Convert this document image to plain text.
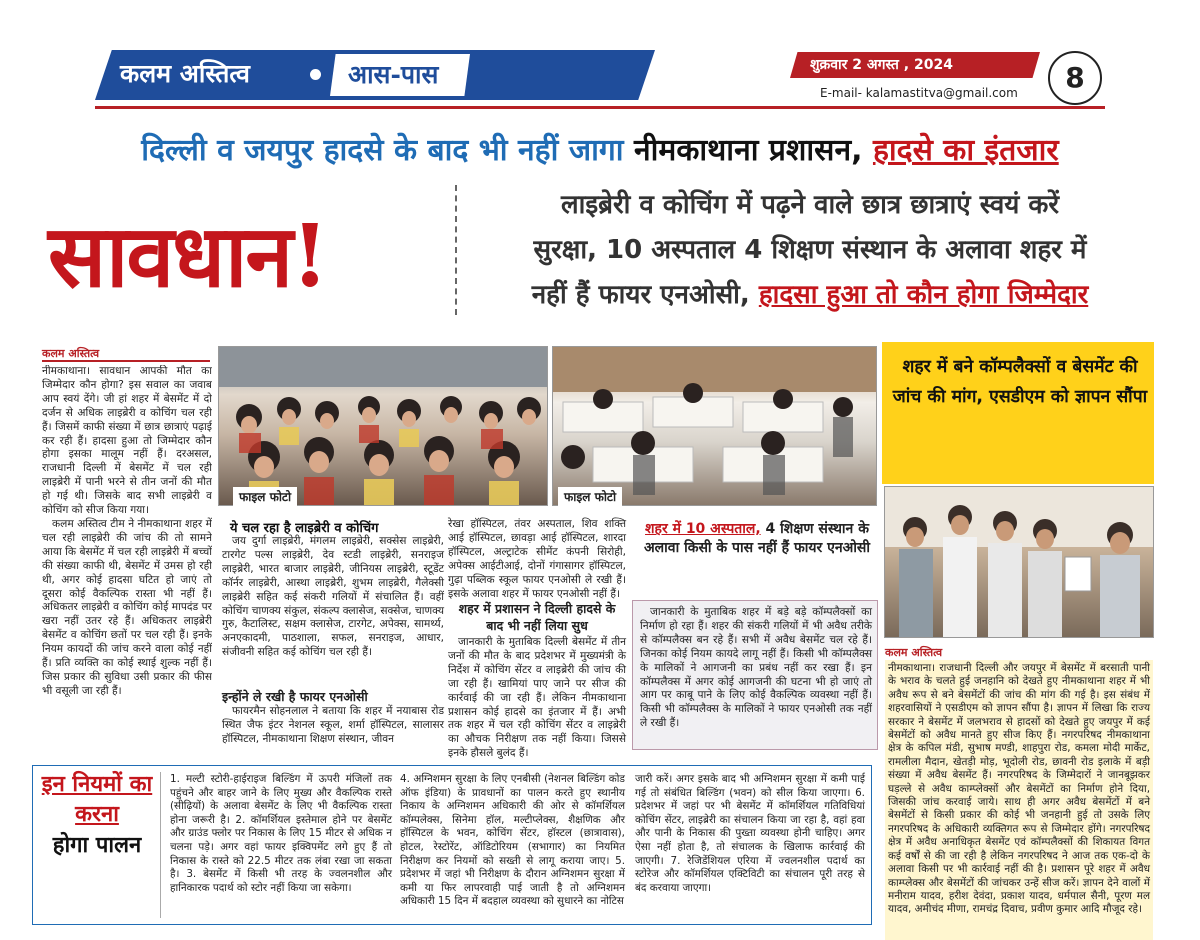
कलम अस्तित्व	आस-पास	शुक्रवार 2 अगस्त , 2024
E-mail- kalamastitva@gmail.com	8
दिल्ली व जयपुर हादसे के बाद भी नहीं जागा नीमकाथाना प्रशासन, हादसे का इंतजार
सावधान!
लाइब्रेरी व कोचिंग में पढ़ने वाले छात्र छात्राएं स्वयं करें
सुरक्षा, 10 अस्पताल 4 शिक्षण संस्थान के अलावा शहर में
नहीं हैं फायर एनओसी, हादसा हुआ तो कौन होगा जिम्मेदार
कलम अस्तित्व

नीमकाथाना। सावधान आपकी मौत का जिम्मेदार कौन होगा? इस सवाल का जवाब आप स्वयं देंगे। जी हां शहर में बेसमेंट में दो दर्जन से अधिक लाइब्रेरी व कोचिंग चल रही हैं। जिसमें काफी संख्या में छात्र छात्राएं पढ़ाई कर रही हैं। हादसा हुआ तो जिम्मेदार कौन होगा इसका मालूम नहीं हैं। दरअसल, राजधानी दिल्ली में बेसमेंट में चल रही लाइब्रेरी में पानी भरने से तीन जनों की मौत हो गई थी। जिसके बाद सभी लाइब्रेरी व कोचिंग को सीज किया गया।

कलम अस्तित्व टीम ने नीमकाथाना शहर में चल रही लाइब्रेरी की जांच की तो सामने आया कि बेसमेंट में चल रही लाइब्रेरी में बच्चों की संख्या काफी थी, बेसमेंट में उमस हो रही थी, अगर कोई हादसा घटित हो जाएं तो दूसरा कोई वैकल्पिक रास्ता भी नहीं हैं। अधिकतर लाइब्रेरी व कोचिंग कोई मापदंड पर खरा नहीं उतर रहे हैं। अधिकतर लाइब्रेरी बेसमेंट व कोचिंग छतों पर चल रही हैं। इनके नियम कायदों की जांच करने वाला कोई नहीं हैं। प्रति व्यक्ति का कोई स्थाई शुल्क नहीं हैं। जिस प्रकार की सुविधा उसी प्रकार की फीस भी वसूली जा रही हैं।

फाइल फोटो	फाइल फोटो
ये चल रहा है लाइब्रेरी व कोचिंग
जय दुर्गा लाइब्रेरी, मंगलम लाइब्रेरी, सक्सेस लाइब्रेरी, टारगेट पल्स लाइब्रेरी, देव स्टडी लाइब्रेरी, सनराइज लाइब्रेरी, भारत बाजार लाइब्रेरी, जीनियस लाइब्रेरी, स्टूडेंट कॉर्नर लाइब्रेरी, आस्था लाइब्रेरी, शुभम लाइब्रेरी, गैलेक्सी लाइब्रेरी सहित कई संकरी गलियों में संचालित हैं। वहीं कोचिंग चाणक्य संकुल, संकल्प क्लासेज, सक्सेज, चाणक्य गुरु, कैटालिस्ट, सक्षम क्लासेज, टारगेट, अपेक्स, सामर्थ्य, अनएकादमी, पाठशाला, सफल, सनराइज, आधार, संजीवनी सहित कई कोचिंग चल रही हैं।
इन्होंने ले रखी है फायर एनओसी
फायरमैन सोहनलाल ने बताया कि शहर में नयाबास रोड स्थित जैफ इंटर नेशनल स्कूल, शर्मा हॉस्पिटल, सालासर हॉस्पिटल, नीमकाथाना शिक्षण संस्थान, जीवन
रेखा हॉस्पिटल, तंवर अस्पताल, शिव शक्ति आई हॉस्पिटल, छावड़ा आई हॉस्पिटल, शारदा हॉस्पिटल, अल्ट्राटेक सीमेंट कंपनी सिरोही, अपेक्स आईटीआई, दोनों गंगासागर हॉस्पिटल, गुढ़ा पब्लिक स्कूल फायर एनओसी ले रखी हैं। इसके अलावा शहर में फायर एनओसी नहीं हैं।
शहर में प्रशासन ने दिल्ली हादसे के बाद भी नहीं लिया सुध
जानकारी के मुताबिक दिल्ली बेसमेंट में तीन जनों की मौत के बाद प्रदेशभर में मुख्यमंत्री के निर्देश में कोचिंग सेंटर व लाइब्रेरी की जांच की जा रही हैं। खामियां पाए जाने पर सीज की कार्रवाई की जा रही हैं। लेकिन नीमकाथाना प्रशासन कोई हादसे का इंतजार में हैं। अभी तक शहर में चल रही कोचिंग सेंटर व लाइब्रेरी का औचक निरीक्षण तक नहीं किया। जिससे इनके हौसले बुलंद हैं।
शहर में 10 अस्पताल, 4 शिक्षण संस्थान के अलावा किसी के पास नहीं हैं फायर एनओसी
जानकारी के मुताबिक शहर में बड़े बड़े कॉम्पलैक्सों का निर्माण हो रहा हैं। शहर की संकरी गलियों में भी अवैध तरीके से कॉम्पलैक्स बन रहे हैं। सभी में अवैध बेसमेंट चल रहे हैं। जिनका कोई नियम कायदे लागू नहीं हैं। किसी भी कॉम्पलैक्स के मालिकों ने आगजनी का प्रबंध नहीं कर रखा हैं। इन कॉम्पलैक्स में अगर कोई आगजनी की घटना भी हो जाएं तो आग पर काबू पाने के लिए कोई वैकल्पिक व्यवस्था नहीं हैं। किसी भी कॉम्पलैक्स के मालिकों ने फायर एनओसी तक नहीं ले रखी हैं।
शहर में बने कॉम्पलैक्सों व बेसमेंट की जांच की मांग, एसडीएम को ज्ञापन सौंपा
कलम अस्तित्व

नीमकाथाना। राजधानी दिल्ली और जयपुर में बेसमेंट में बरसाती पानी के भराव के चलते हुई जनहानि को देखते हुए नीमकाथाना शहर में भी अवैध रूप से बने बेसमेंटों की जांच की मांग की गई है। इस संबंध में शहरवासियों ने एसडीएम को ज्ञापन सौंपा है। ज्ञापन में लिखा कि राज्य सरकार ने बेसमेंट में जलभराव से हादसों को देखते हुए जयपुर में कई बेसमेंटों को अवैध मानते हुए सीज किए हैं। नगरपरिषद नीमकाथाना क्षेत्र के कपिल मंडी, सुभाष मण्डी, शाहपुरा रोड, कमला मोदी मार्केट, रामलीला मैदान, खेतड़ी मोड़, भूदोली रोड, छावनी रोड इलाके में बड़ी संख्या में अवैध बेसमेंट हैं। नगरपरिषद के जिम्मेदारों ने जानबूझकर घड़ल्ले से अवैध काम्प्लेक्सों और बेसमेंटों का निर्माण होने दिया, जिसकी जांच करवाई जाये। साथ ही अगर अवैध बेसमेंटों में बने बेसमेंटों से किसी प्रकार की कोई भी जनहानी हुई तो उसके लिए नगरपरिषद के अधिकारी व्यक्तिगत रूप से जिम्मेदार होंगे। नगरपरिषद क्षेत्र में अवैध अनाधिकृत बेसमेंट एवं कॉम्पलैक्सों की शिकायत विगत कई वर्षों से की जा रही है लेकिन नगरपरिषद ने आज तक एक-दो के अलावा किसी पर भी कार्रवाई नहीं की है। प्रशासन पूरे शहर में अवैध काम्प्लेक्स और बेसमेंटों की जांचकर उन्हें सीज करें। ज्ञापन देने वालों में मनीराम यादव, हरीश देवंदा, प्रकाश यादव, धर्मपाल सैनी, पूरण मल यादव, अमीचंद मीणा, रामचंद्र दिवाच, प्रवीण कुमार आदि मौजूद रहे।

इन नियमों का करना
होगा पालन
1. मल्टी स्टोरी-हाईराइज बिल्डिंग में ऊपरी मंजिलों तक पहुंचने और बाहर जाने के लिए मुख्य और वैकल्पिक रास्ते (सीढ़ियों) के अलावा बेसमेंट के लिए भी वैकल्पिक रास्ता होना जरूरी है। 2. कॉमर्शियल इस्तेमाल होने पर बेसमेंट और ग्राउंड फ्लोर पर निकास के लिए 15 मीटर से अधिक न चलना पड़े। अगर वहां फायर इक्विपमेंट लगे हुए हैं तो निकास के रास्ते को 22.5 मीटर तक लंबा रखा जा सकता है। 3. बेसमेंट में किसी भी तरह के ज्वलनशील और हानिकारक पदार्थ को स्टोर नहीं किया जा सकेगा।
4. अग्निशमन सुरक्षा के लिए एनबीसी (नेशनल बिल्डिंग कोड ऑफ इंडिया) के प्रावधानों का पालन करते हुए स्थानीय निकाय के अग्निशमन अधिकारी की ओर से कॉमर्शियल कॉम्पलेक्स, सिनेमा हॉल, मल्टीप्लेक्स, शैक्षणिक और हॉस्पिटल के भवन, कोचिंग सेंटर, हॉस्टल (छात्रावास), होटल, रेस्टोरेंट, ऑडिटोरियम (सभागार) का नियमित निरीक्षण कर नियमों को सख्ती से लागू कराया जाए। 5. प्रदेशभर में जहां भी निरीक्षण के दौरान अग्निशमन सुरक्षा में कमी या फिर लापरवाही पाई जाती है तो अग्निशमन अधिकारी 15 दिन में बदहाल व्यवस्था को सुधारने का नोटिस
जारी करें। अगर इसके बाद भी अग्निशमन सुरक्षा में कमी पाई गई तो संबंधित बिल्डिंग (भवन) को सील किया जाएगा। 6. प्रदेशभर में जहां पर भी बेसमेंट में कॉमर्शियल गतिविधियां कोचिंग सेंटर, लाइब्रेरी का संचालन किया जा रहा है, वहां हवा और पानी के निकास की पुख्ता व्यवस्था होनी चाहिए। अगर ऐसा नहीं होता है, तो संचालक के खिलाफ कार्रवाई की जाएगी। 7. रेजिडेंशियल एरिया में ज्वलनशील पदार्थ का स्टोरेज और कॉमर्शियल एक्टिविटी का संचालन पूरी तरह से बंद करवाया जाएगा।
